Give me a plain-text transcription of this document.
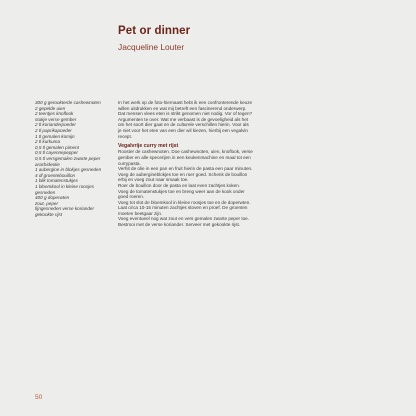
Pet or dinner
Jacqueline Louter
300 g gerookterde cashewnoten
2 gepelde uien
2 teentjes knoflook
stukje verse gember
2 tl korianderpoeder
2 tl paprikapoeder
1 tl gemalen komijn
2 tl kurkuma
0,5 tl gemalen piment
0,5 tl cayennepepper
0,5 tl versgemalen zwarte peper
arachideolie
1 aubergine in blokjes gesneden
4 dl groentebouillon
1 blik tomatenstukjes
1 bloemkool in kleine roosjes
gesneden
400 g doperwten
zout, peper
fijngesneden verse koriander
gekookte rijst

In het werk op de foto-hiernaast hebt ik een confronterende keuze

willen uitdrukken en wat mij betreft een fascinerend onderwerp.

Dat mensen vlees eten is strikt genomen niet nodig. Vor of tegen?

Argumenten te over. Wat me verbaast is de gevoeligheid als het

om het soort dier gaat en de culturele verschillen hierin. Voor als

je niet voor het eten van een dier wil kiezen, hierbij een vegalvin

recept.

Vegalvrije curry met rijst

Rooster de cashewnoten. Doe cashewnoten, uien, knoflook, verse

gember en alle specerijen in een keukenmachine en maal tot een

currypasta.

Verhit de olie in een pan en fruit hierin de pasta een paar minuten.

Voeg de aubergineblokjes toe en roer goed. Schenk de bouillon

erbij en voeg zout naar smaak toe.

Roer de bouillon door de pasta en laat even zachtjes koken.

Voeg de tomatenstukjes toe en breng weer aan de kook onder

goed roeren.

Voeg tot slot de bloemkool in kleine roosjes toe en de doperwten.

Laat circa 10-15 minuten zachtjes stoven en proef. De groenten

moeten beetgaar zijn.

Voeg eventueel nog wat zout en vers gemalen zwarte peper toe.

Bestrooi met de verse koriander. Serveer met gekookte rijst.

50
